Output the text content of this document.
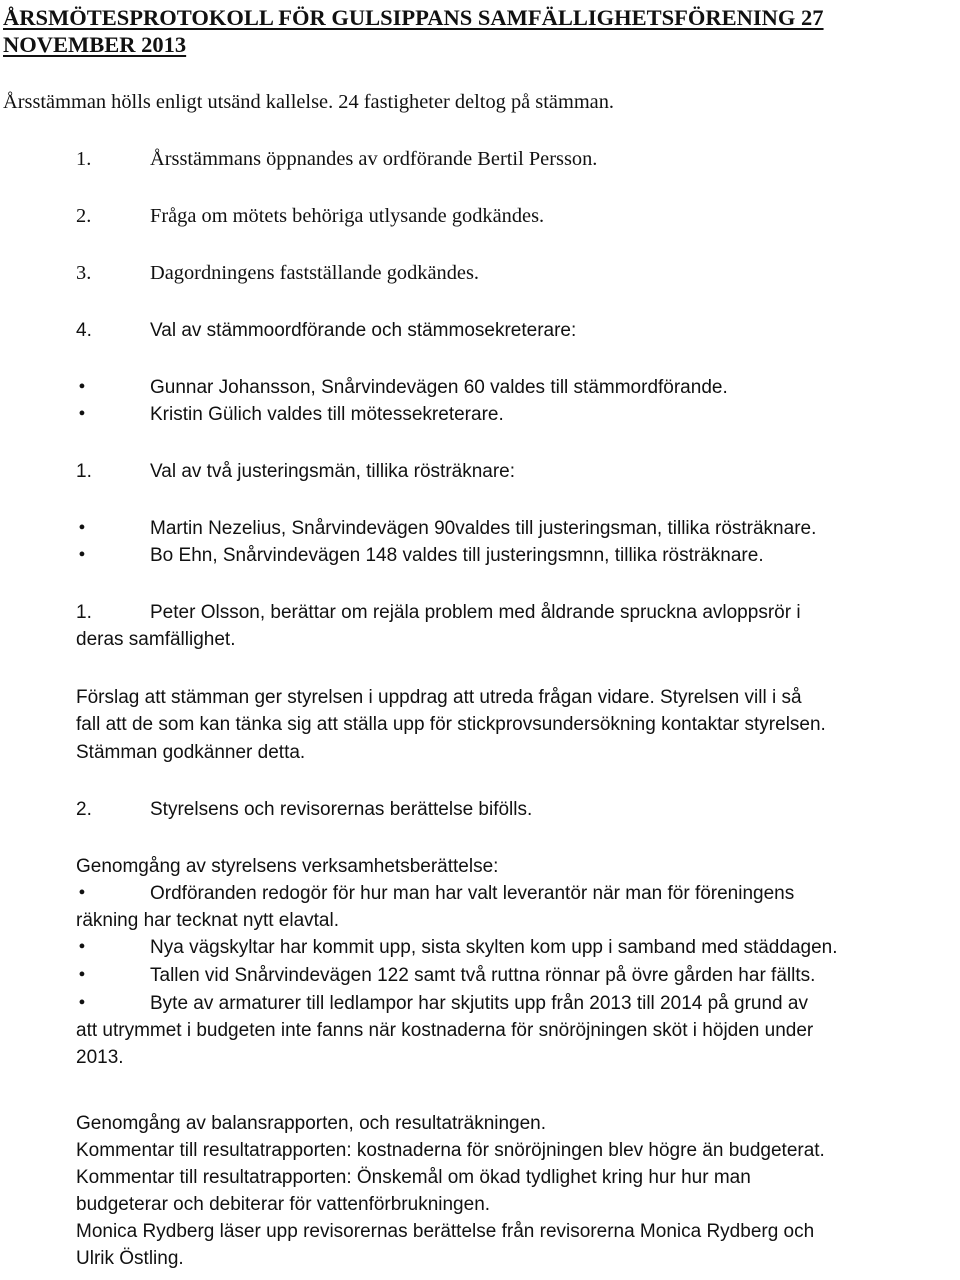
ÅRSMÖTESPROTOKOLL FÖR GULSIPPANS SAMFÄLLIGHETSFÖRENING 27 NOVEMBER 2013
Årsstämman hölls enligt utsänd kallelse. 24 fastigheter deltog på stämman.
1.	Årsstämmans öppnandes av ordförande Bertil Persson.
2.	Fråga om mötets behöriga utlysande godkändes.
3.	Dagordningens fastställande godkändes.
4.	Val av stämmoordförande och stämmosekreterare:
•	Gunnar Johansson, Snårvindevägen 60 valdes till stämmordförande.
•	Kristin Gülich valdes till mötessekreterare.
1.	Val av två justeringsmän, tillika rösträknare:
•	Martin Nezelius, Snårvindevägen 90valdes till justeringsman, tillika rösträknare.
•	Bo Ehn, Snårvindevägen 148 valdes till justeringsmnn, tillika rösträknare.
1.	Peter Olsson, berättar om rejäla problem med åldrande spruckna avloppsrör i
deras samfällighet.
Förslag att stämman ger styrelsen i uppdrag att utreda frågan vidare. Styrelsen vill i så
fall att de som kan tänka sig att ställa upp för stickprovsundersökning kontaktar styrelsen.
Stämman godkänner detta.
2.	Styrelsens och revisorernas berättelse bifölls.
Genomgång av styrelsens verksamhetsberättelse:
•	Ordföranden redogör för hur man har valt leverantör när man för föreningens
räkning har tecknat nytt elavtal.
•	Nya vägskyltar har kommit upp, sista skylten kom upp i samband med städdagen.
•	Tallen vid Snårvindevägen 122 samt två ruttna rönnar på övre gården har fällts.
•	Byte av armaturer till ledlampor har skjutits upp från 2013 till 2014 på grund av
att utrymmet i budgeten inte fanns när kostnaderna för snöröjningen sköt i höjden under
2013.
Genomgång av balansrapporten, och resultaträkningen.
Kommentar till resultatrapporten: kostnaderna för snöröjningen blev högre än budgeterat.
Kommentar till resultatrapporten: Önskemål om ökad tydlighet kring hur hur man
budgeterar och debiterar för vattenförbrukningen.
Monica Rydberg läser upp revisorernas berättelse från revisorerna Monica Rydberg och
Ulrik Östling.
